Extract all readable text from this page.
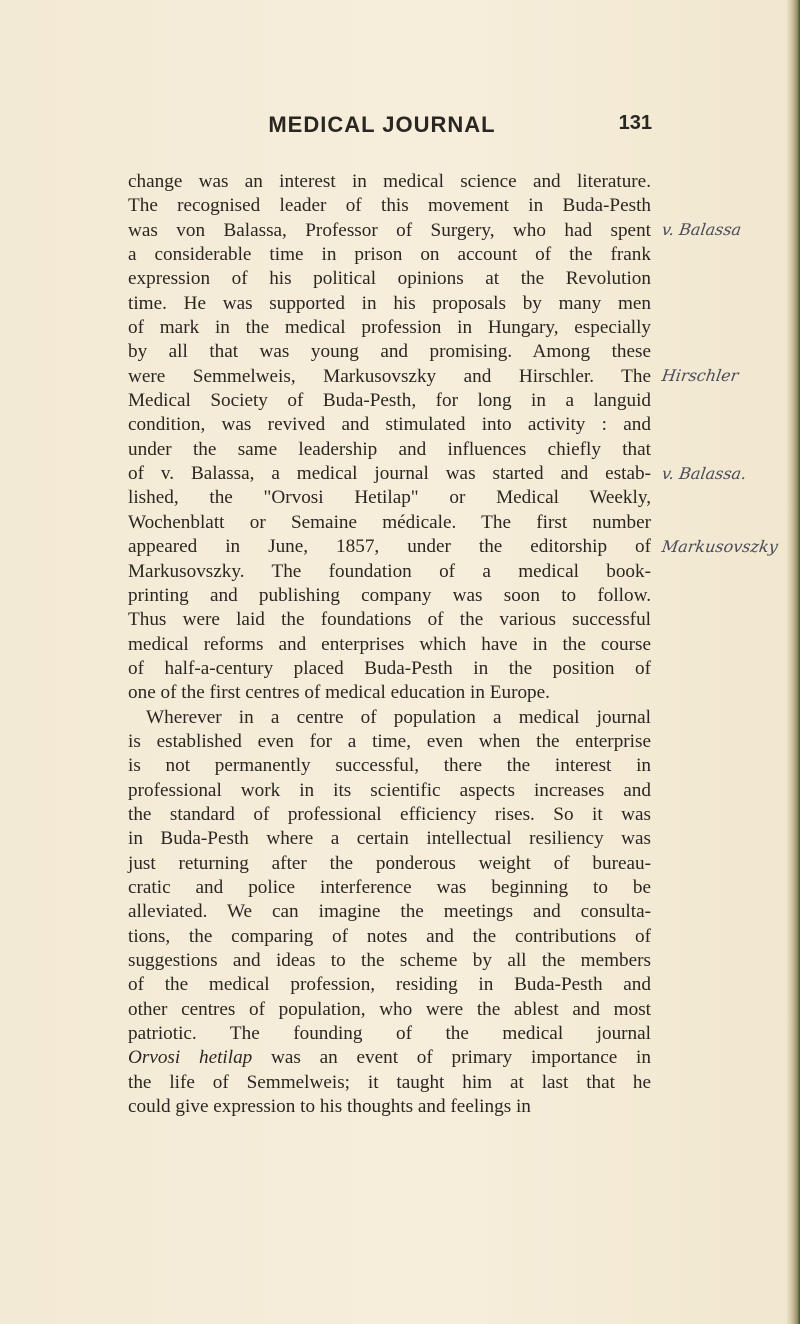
MEDICAL JOURNAL	131
change was an interest in medical science and literature.
The recognised leader of this movement in Buda-Pesth
was von Balassa, Professor of Surgery, who had spent
a considerable time in prison on account of the frank
expression of his political opinions at the Revolution
time. He was supported in his proposals by many men
of mark in the medical profession in Hungary, especially
by all that was young and promising. Among these
were Semmelweis, Markusovszky and Hirschler. The
Medical Society of Buda-Pesth, for long in a languid
condition, was revived and stimulated into activity : and
under the same leadership and influences chiefly that
of v. Balassa, a medical journal was started and estab-
lished, the "Orvosi Hetilap" or Medical Weekly,
Wochenblatt or Semaine médicale. The first number
appeared in June, 1857, under the editorship of
Markusovszky. The foundation of a medical book-
printing and publishing company was soon to follow.
Thus were laid the foundations of the various successful
medical reforms and enterprises which have in the course
of half-a-century placed Buda-Pesth in the position of
one of the first centres of medical education in Europe.
Wherever in a centre of population a medical journal
is established even for a time, even when the enterprise
is not permanently successful, there the interest in
professional work in its scientific aspects increases and
the standard of professional efficiency rises. So it was
in Buda-Pesth where a certain intellectual resiliency was
just returning after the ponderous weight of bureau-
cratic and police interference was beginning to be
alleviated. We can imagine the meetings and consulta-
tions, the comparing of notes and the contributions of
suggestions and ideas to the scheme by all the members
of the medical profession, residing in Buda-Pesth and
other centres of population, who were the ablest and most
patriotic. The founding of the medical journal
Orvosi hetilap was an event of primary importance in
the life of Semmelweis; it taught him at last that he
could give expression to his thoughts and feelings in
v. Balassa
Hirschler
v. Balassa.
Markusovszky
